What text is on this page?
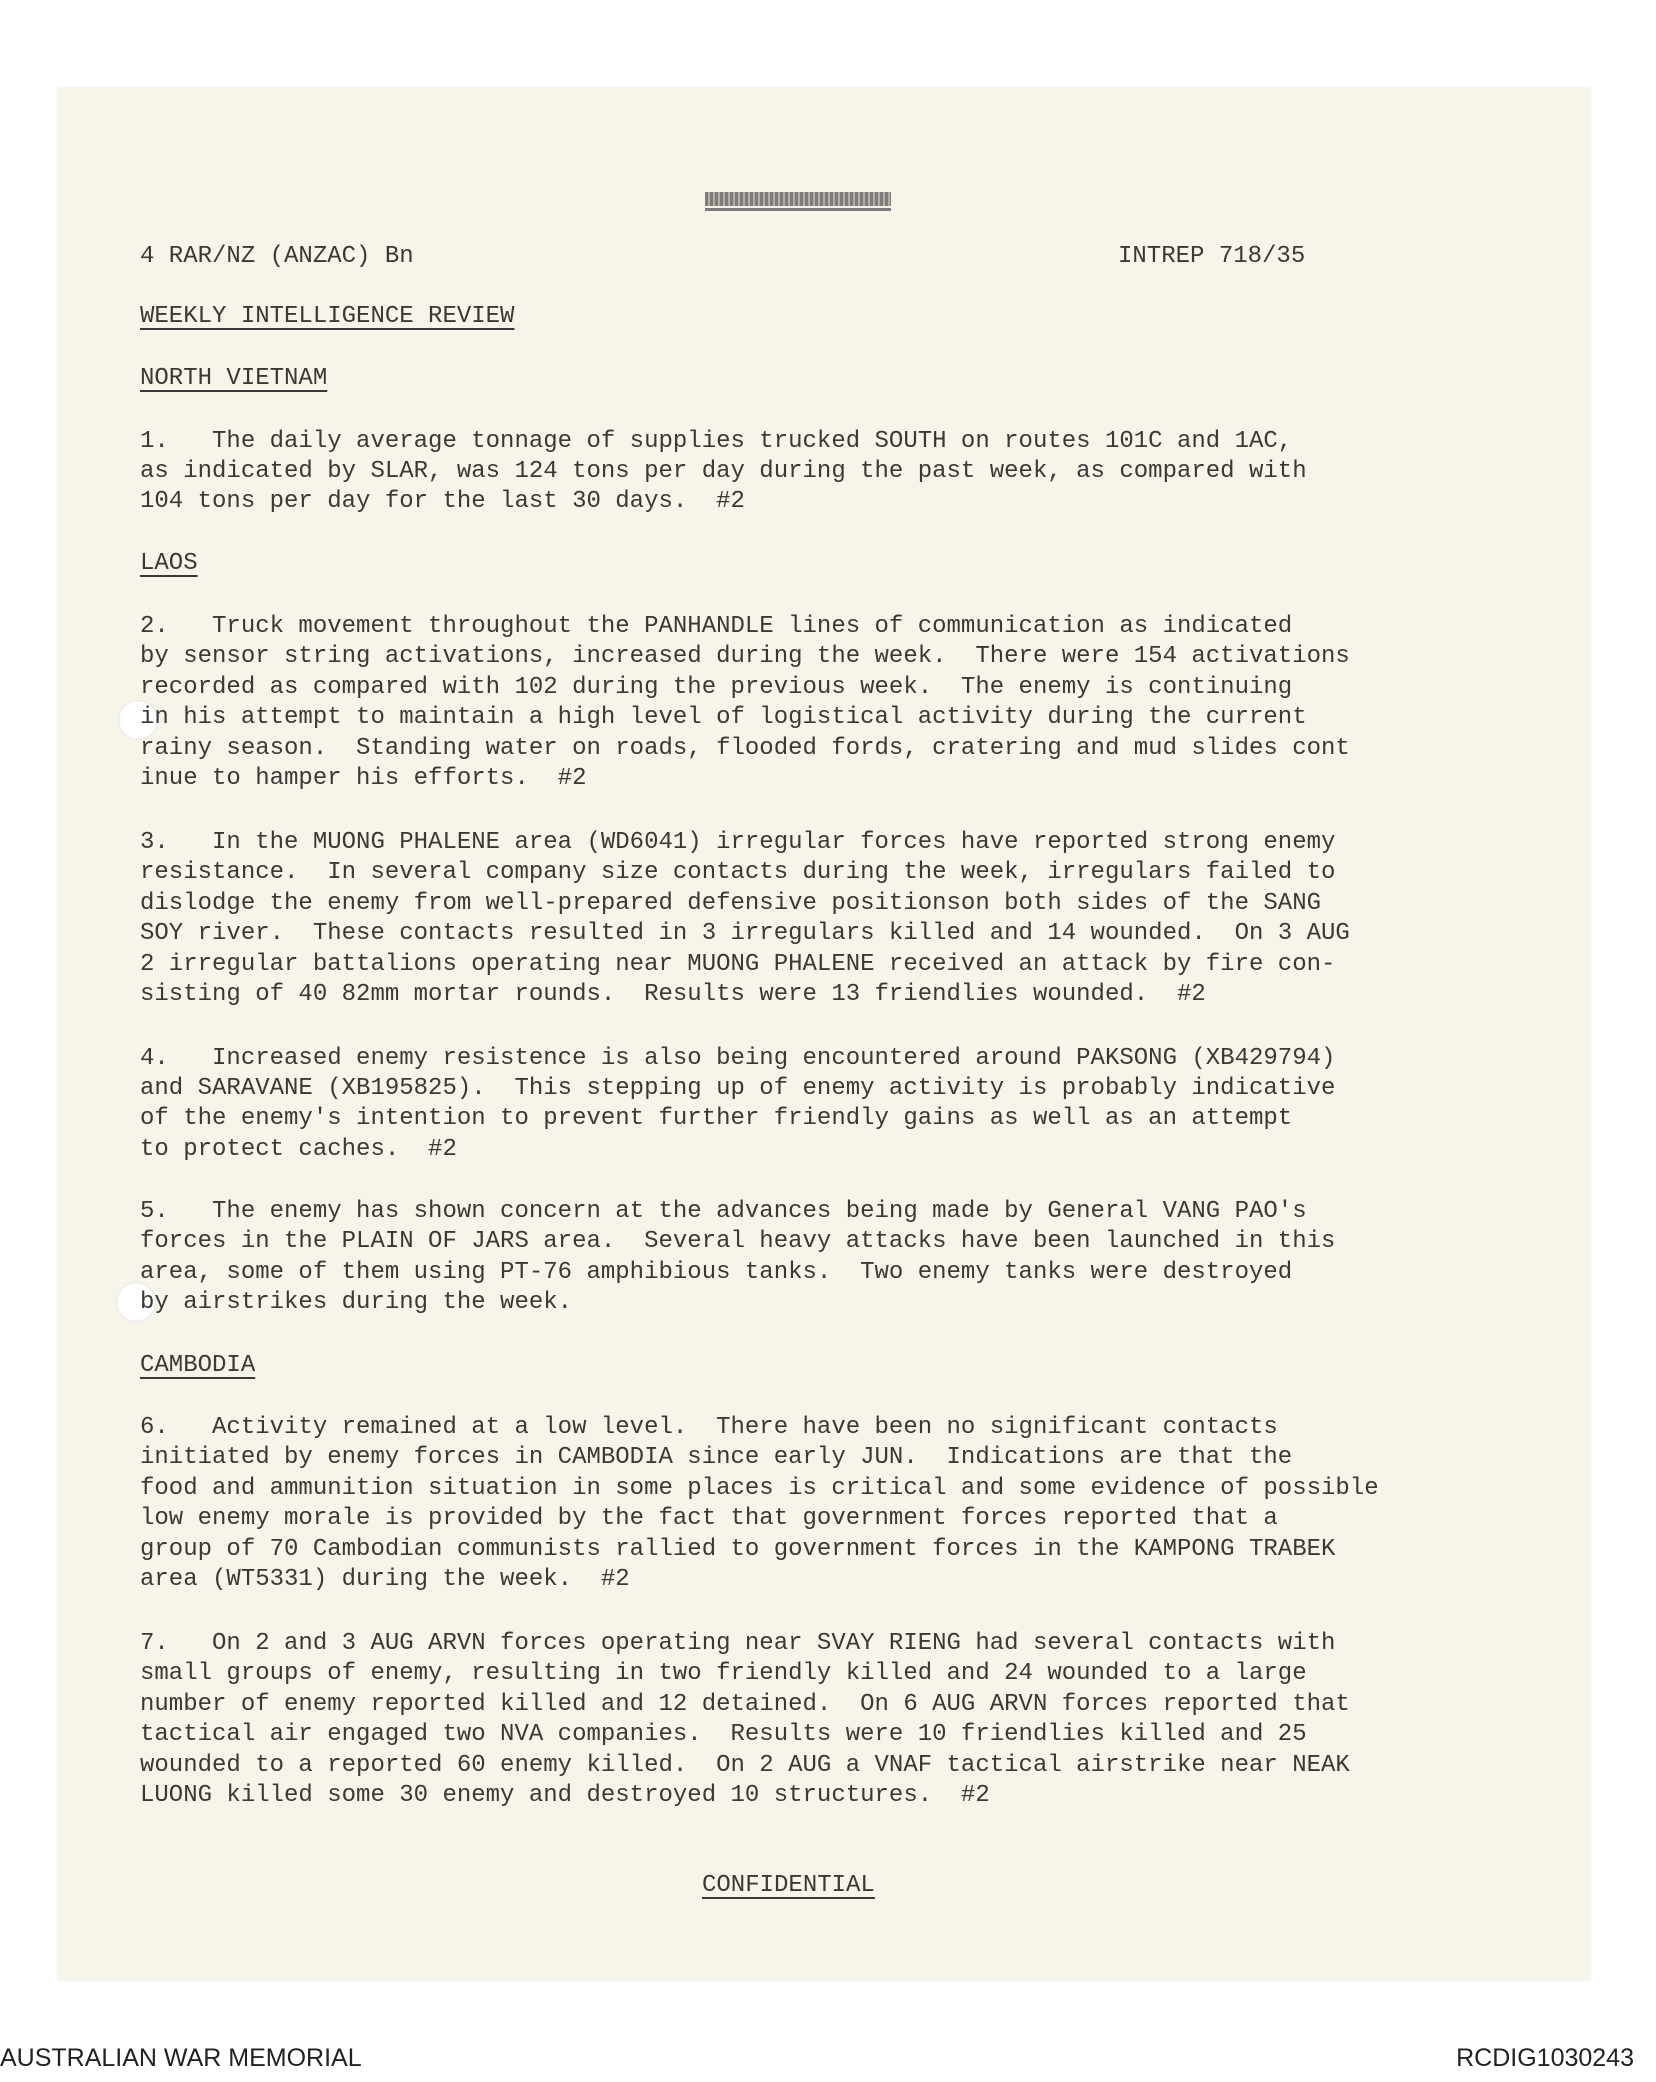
4 RAR/NZ (ANZAC) Bn	INTREP 718/35
WEEKLY INTELLIGENCE REVIEW
NORTH VIETNAM
1.   The daily average tonnage of supplies trucked SOUTH on routes 101C and 1AC,
as indicated by SLAR, was 124 tons per day during the past week, as compared with
104 tons per day for the last 30 days.  #2
LAOS
2.   Truck movement throughout the PANHANDLE lines of communication as indicated
by sensor string activations, increased during the week.  There were 154 activations
recorded as compared with 102 during the previous week.  The enemy is continuing
in his attempt to maintain a high level of logistical activity during the current
rainy season.  Standing water on roads, flooded fords, cratering and mud slides cont
inue to hamper his efforts.  #2
3.   In the MUONG PHALENE area (WD6041) irregular forces have reported strong enemy
resistance.  In several company size contacts during the week, irregulars failed to
dislodge the enemy from well-prepared defensive positionson both sides of the SANG
SOY river.  These contacts resulted in 3 irregulars killed and 14 wounded.  On 3 AUG
2 irregular battalions operating near MUONG PHALENE received an attack by fire con-
sisting of 40 82mm mortar rounds.  Results were 13 friendlies wounded.  #2
4.   Increased enemy resistence is also being encountered around PAKSONG (XB429794)
and SARAVANE (XB195825).  This stepping up of enemy activity is probably indicative
of the enemy's intention to prevent further friendly gains as well as an attempt
to protect caches.  #2
5.   The enemy has shown concern at the advances being made by General VANG PAO's
forces in the PLAIN OF JARS area.  Several heavy attacks have been launched in this
area, some of them using PT-76 amphibious tanks.  Two enemy tanks were destroyed
by airstrikes during the week.
CAMBODIA
6.   Activity remained at a low level.  There have been no significant contacts
initiated by enemy forces in CAMBODIA since early JUN.  Indications are that the
food and ammunition situation in some places is critical and some evidence of possible
low enemy morale is provided by the fact that government forces reported that a
group of 70 Cambodian communists rallied to government forces in the KAMPONG TRABEK
area (WT5331) during the week.  #2
7.   On 2 and 3 AUG ARVN forces operating near SVAY RIENG had several contacts with
small groups of enemy, resulting in two friendly killed and 24 wounded to a large
number of enemy reported killed and 12 detained.  On 6 AUG ARVN forces reported that
tactical air engaged two NVA companies.  Results were 10 friendlies killed and 25
wounded to a reported 60 enemy killed.  On 2 AUG a VNAF tactical airstrike near NEAK
LUONG killed some 30 enemy and destroyed 10 structures.  #2
CONFIDENTIAL
AUSTRALIAN WAR MEMORIAL	RCDIG1030243
